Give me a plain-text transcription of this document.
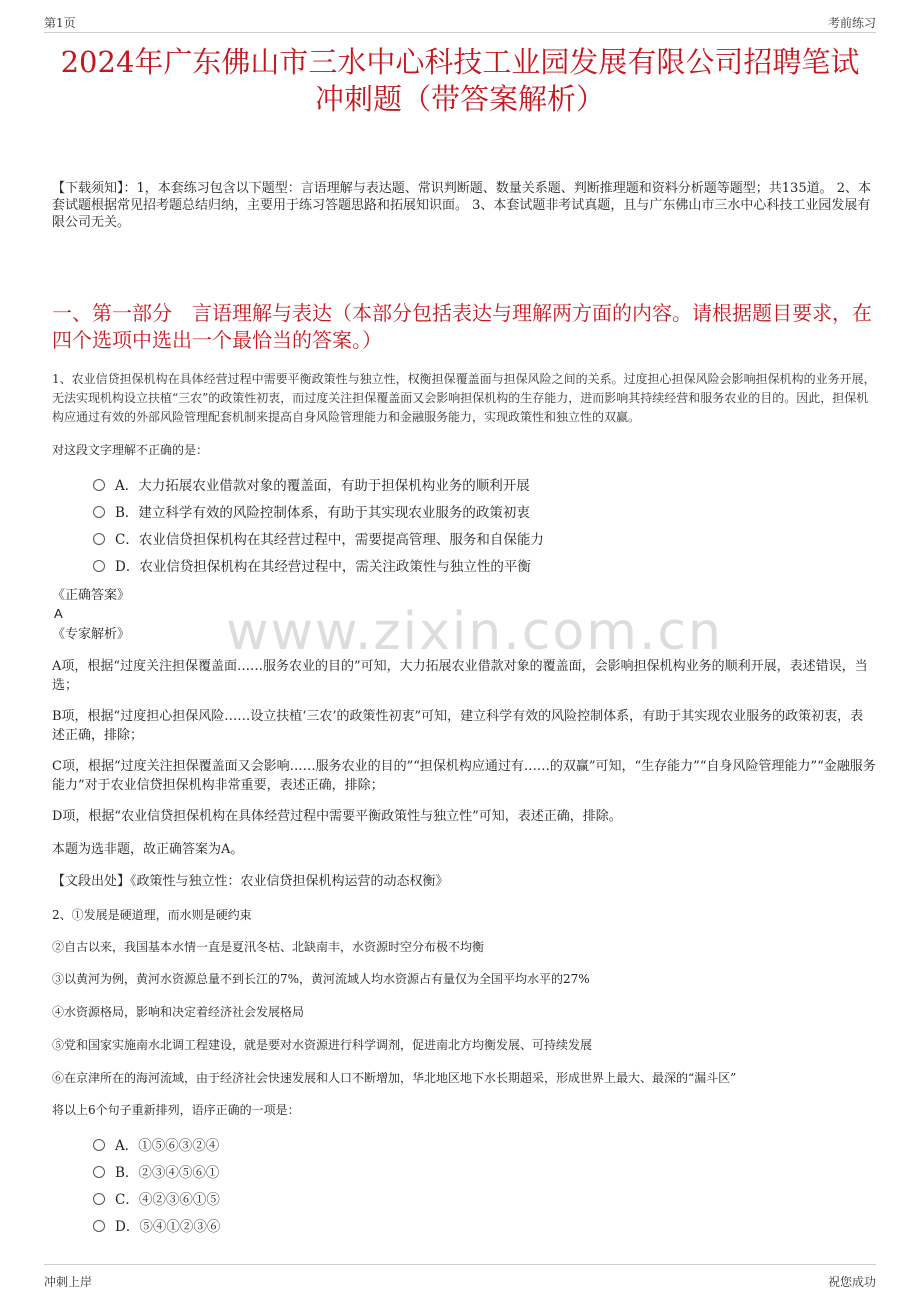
第1页	考前练习
2024年广东佛山市三水中心科技工业园发展有限公司招聘笔试
冲刺题（带答案解析）
【下载须知】：1，本套练习包含以下题型：言语理解与表达题、常识判断题、数量关系题、判断推理题和资料分析题等题型；共135道。 2、本套试题根据常见招考题总结归纳，主要用于练习答题思路和拓展知识面。 3、本套试题非考试真题，且与广东佛山市三水中心科技工业园发展有限公司无关。
一、第一部分　言语理解与表达（本部分包括表达与理解两方面的内容。请根据题目要求，在四个选项中选出一个最恰当的答案。）
1、农业信贷担保机构在具体经营过程中需要平衡政策性与独立性，权衡担保覆盖面与担保风险之间的关系。过度担心担保风险会影响担保机构的业务开展，无法实现机构设立扶植“三农”的政策性初衷，而过度关注担保覆盖面又会影响担保机构的生存能力，进而影响其持续经营和服务农业的目的。因此，担保机构应通过有效的外部风险管理配套机制来提高自身风险管理能力和金融服务能力，实现政策性和独立性的双赢。
对这段文字理解不正确的是：
A．大力拓展农业借款对象的覆盖面，有助于担保机构业务的顺利开展
B．建立科学有效的风险控制体系，有助于其实现农业服务的政策初衷
C．农业信贷担保机构在其经营过程中，需要提高管理、服务和自保能力
D．农业信贷担保机构在其经营过程中，需关注政策性与独立性的平衡
《正确答案》
A
《专家解析》	www.zixin.com.cn
A项，根据“过度关注担保覆盖面……服务农业的目的”可知，大力拓展农业借款对象的覆盖面，会影响担保机构业务的顺利开展，表述错误，当选；
B项，根据“过度担心担保风险……设立扶植‘三农’的政策性初衷”可知，建立科学有效的风险控制体系，有助于其实现农业服务的政策初衷，表述正确，排除；
C项，根据“过度关注担保覆盖面又会影响……服务农业的目的”“担保机构应通过有……的双赢”可知，“生存能力”“自身风险管理能力”“金融服务能力”对于农业信贷担保机构非常重要，表述正确，排除；
D项，根据“农业信贷担保机构在具体经营过程中需要平衡政策性与独立性”可知，表述正确，排除。
本题为选非题，故正确答案为A。
【文段出处】《政策性与独立性：农业信贷担保机构运营的动态权衡》
2、①发展是硬道理，而水则是硬约束
②自古以来，我国基本水情一直是夏汛冬枯、北缺南丰，水资源时空分布极不均衡
③以黄河为例，黄河水资源总量不到长江的7%，黄河流域人均水资源占有量仅为全国平均水平的27%
④水资源格局，影响和决定着经济社会发展格局
⑤党和国家实施南水北调工程建设，就是要对水资源进行科学调剂，促进南北方均衡发展、可持续发展
⑥在京津所在的海河流域，由于经济社会快速发展和人口不断增加，华北地区地下水长期超采，形成世界上最大、最深的“漏斗区”
将以上6个句子重新排列，语序正确的一项是：
A．①⑤⑥③②④
B．②③④⑤⑥①
C．④②③⑥①⑤
D．⑤④①②③⑥
冲刺上岸	祝您成功
